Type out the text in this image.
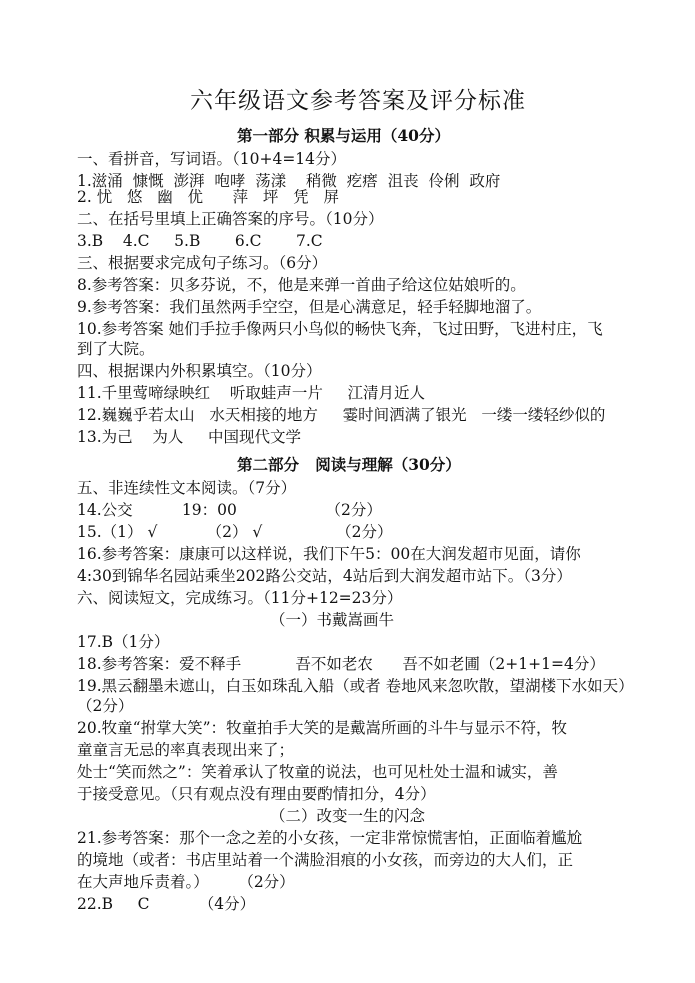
六年级语文参考答案及评分标准
第一部分 积累与运用（40分）
一、看拼音，写词语。（10+4=14分）
1.滋涌  慷慨  澎湃  咆哮  荡漾    稍微  疙瘩  沮丧  伶俐  政府
2. 忧   悠   幽   优      萍   坪   凭   屏
二、在括号里填上正确答案的序号。（10分）
3.B    4.C     5.B       6.C       7.C
三、根据要求完成句子练习。（6分）
8.参考答案：贝多芬说，不，他是来弹一首曲子给这位姑娘听的。
9.参考答案：我们虽然两手空空，但是心满意足，轻手轻脚地溜了。
10.参考答案 她们手拉手像两只小鸟似的畅快飞奔，飞过田野，飞进村庄，飞
到了大院。
四、根据课内外积累填空。（10分）
11.千里莺啼绿映红    听取蛙声一片     江清月近人
12.巍巍乎若太山   水天相接的地方     霎时间洒满了银光   一缕一缕轻纱似的
13.为己    为人     中国现代文学
第二部分   阅读与理解（30分）
五、非连续性文本阅读。（7分）
14.公交          19：00                  （2分）
15.（1） √          （2） √               （2分）
16.参考答案：康康可以这样说，我们下午5：00在大润发超市见面，请你
4:30到锦华名园站乘坐202路公交站，4站后到大润发超市站下。（3分）
六、阅读短文，完成练习。（11分+12=23分）
（一）书戴嵩画牛
17.B（1分）
18.参考答案：爱不释手           吾不如老农      吾不如老圃（2+1+1=4分）
19.黑云翻墨未遮山，白玉如珠乱入船（或者 卷地风来忽吹散，望湖楼下水如天）
（2分）
20.牧童“拊掌大笑”：牧童拍手大笑的是戴嵩所画的斗牛与显示不符，牧
童童言无忌的率真表现出来了；
处士“笑而然之”：笑着承认了牧童的说法，也可见杜处士温和诚实，善
于接受意见。（只有观点没有理由要酌情扣分，4分）
（二）改变一生的闪念
21.参考答案：那个一念之差的小女孩，一定非常惊慌害怕，正面临着尴尬
的境地（或者：书店里站着一个满脸泪痕的小女孩，而旁边的大人们，正
在大声地斥责着。）      （2分）
22.B     C          （4分）
